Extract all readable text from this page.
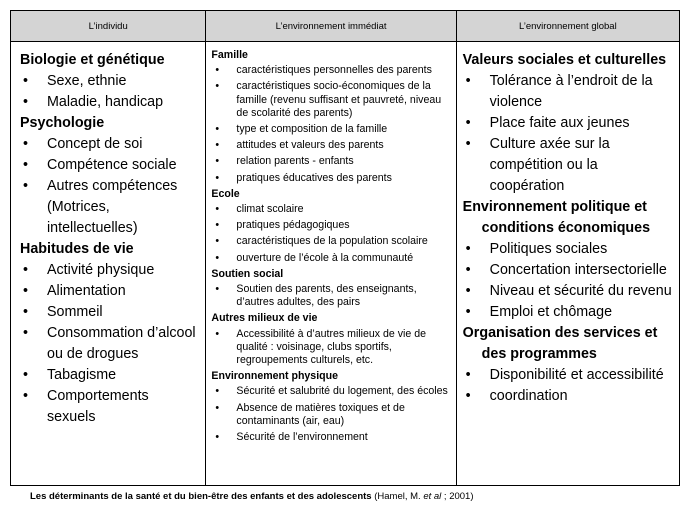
L’individu	L’environnement immédiat	L’environnement global
Biologie et génétique
• Sexe, ethnie
• Maladie, handicap
Psychologie
• Concept de soi
• Compétence sociale
• Autres compétences (Motrices, intellectuelles)
Habitudes de vie
• Activité physique
• Alimentation
• Sommeil
• Consommation d’alcool ou de drogues
• Tabagisme
• Comportements sexuels
Famille
• caractéristiques personnelles des parents
• caractéristiques socio-économiques de la famille (revenu suffisant et pauvreté, niveau de scolarité des parents)
• type et composition de la famille
• attitudes et valeurs des parents
• relation parents - enfants
• pratiques éducatives des parents
Ecole
• climat scolaire
• pratiques pédagogiques
• caractéristiques de la population scolaire
• ouverture de l’école à la communauté
Soutien social
• Soutien des parents, des enseignants, d’autres adultes, des pairs
Autres milieux de vie
• Accessibilité à d’autres milieux de vie de qualité : voisinage, clubs sportifs, regroupements culturels, etc.
Environnement physique
• Sécurité et salubrité du logement, des écoles
• Absence de matières toxiques et de contaminants (air, eau)
• Sécurité de l’environnement
Valeurs sociales et culturelles
• Tolérance à l’endroit de la violence
• Place faite aux jeunes
• Culture axée sur la compétition ou la coopération
Environnement politique et
conditions économiques
• Politiques sociales
• Concertation intersectorielle
• Niveau et sécurité du revenu
• Emploi et chômage
Organisation des services et
des programmes
• Disponibilité et accessibilité
• coordination
Les déterminants de la santé et du bien-être des enfants et des adolescents (Hamel, M. et al ; 2001)
